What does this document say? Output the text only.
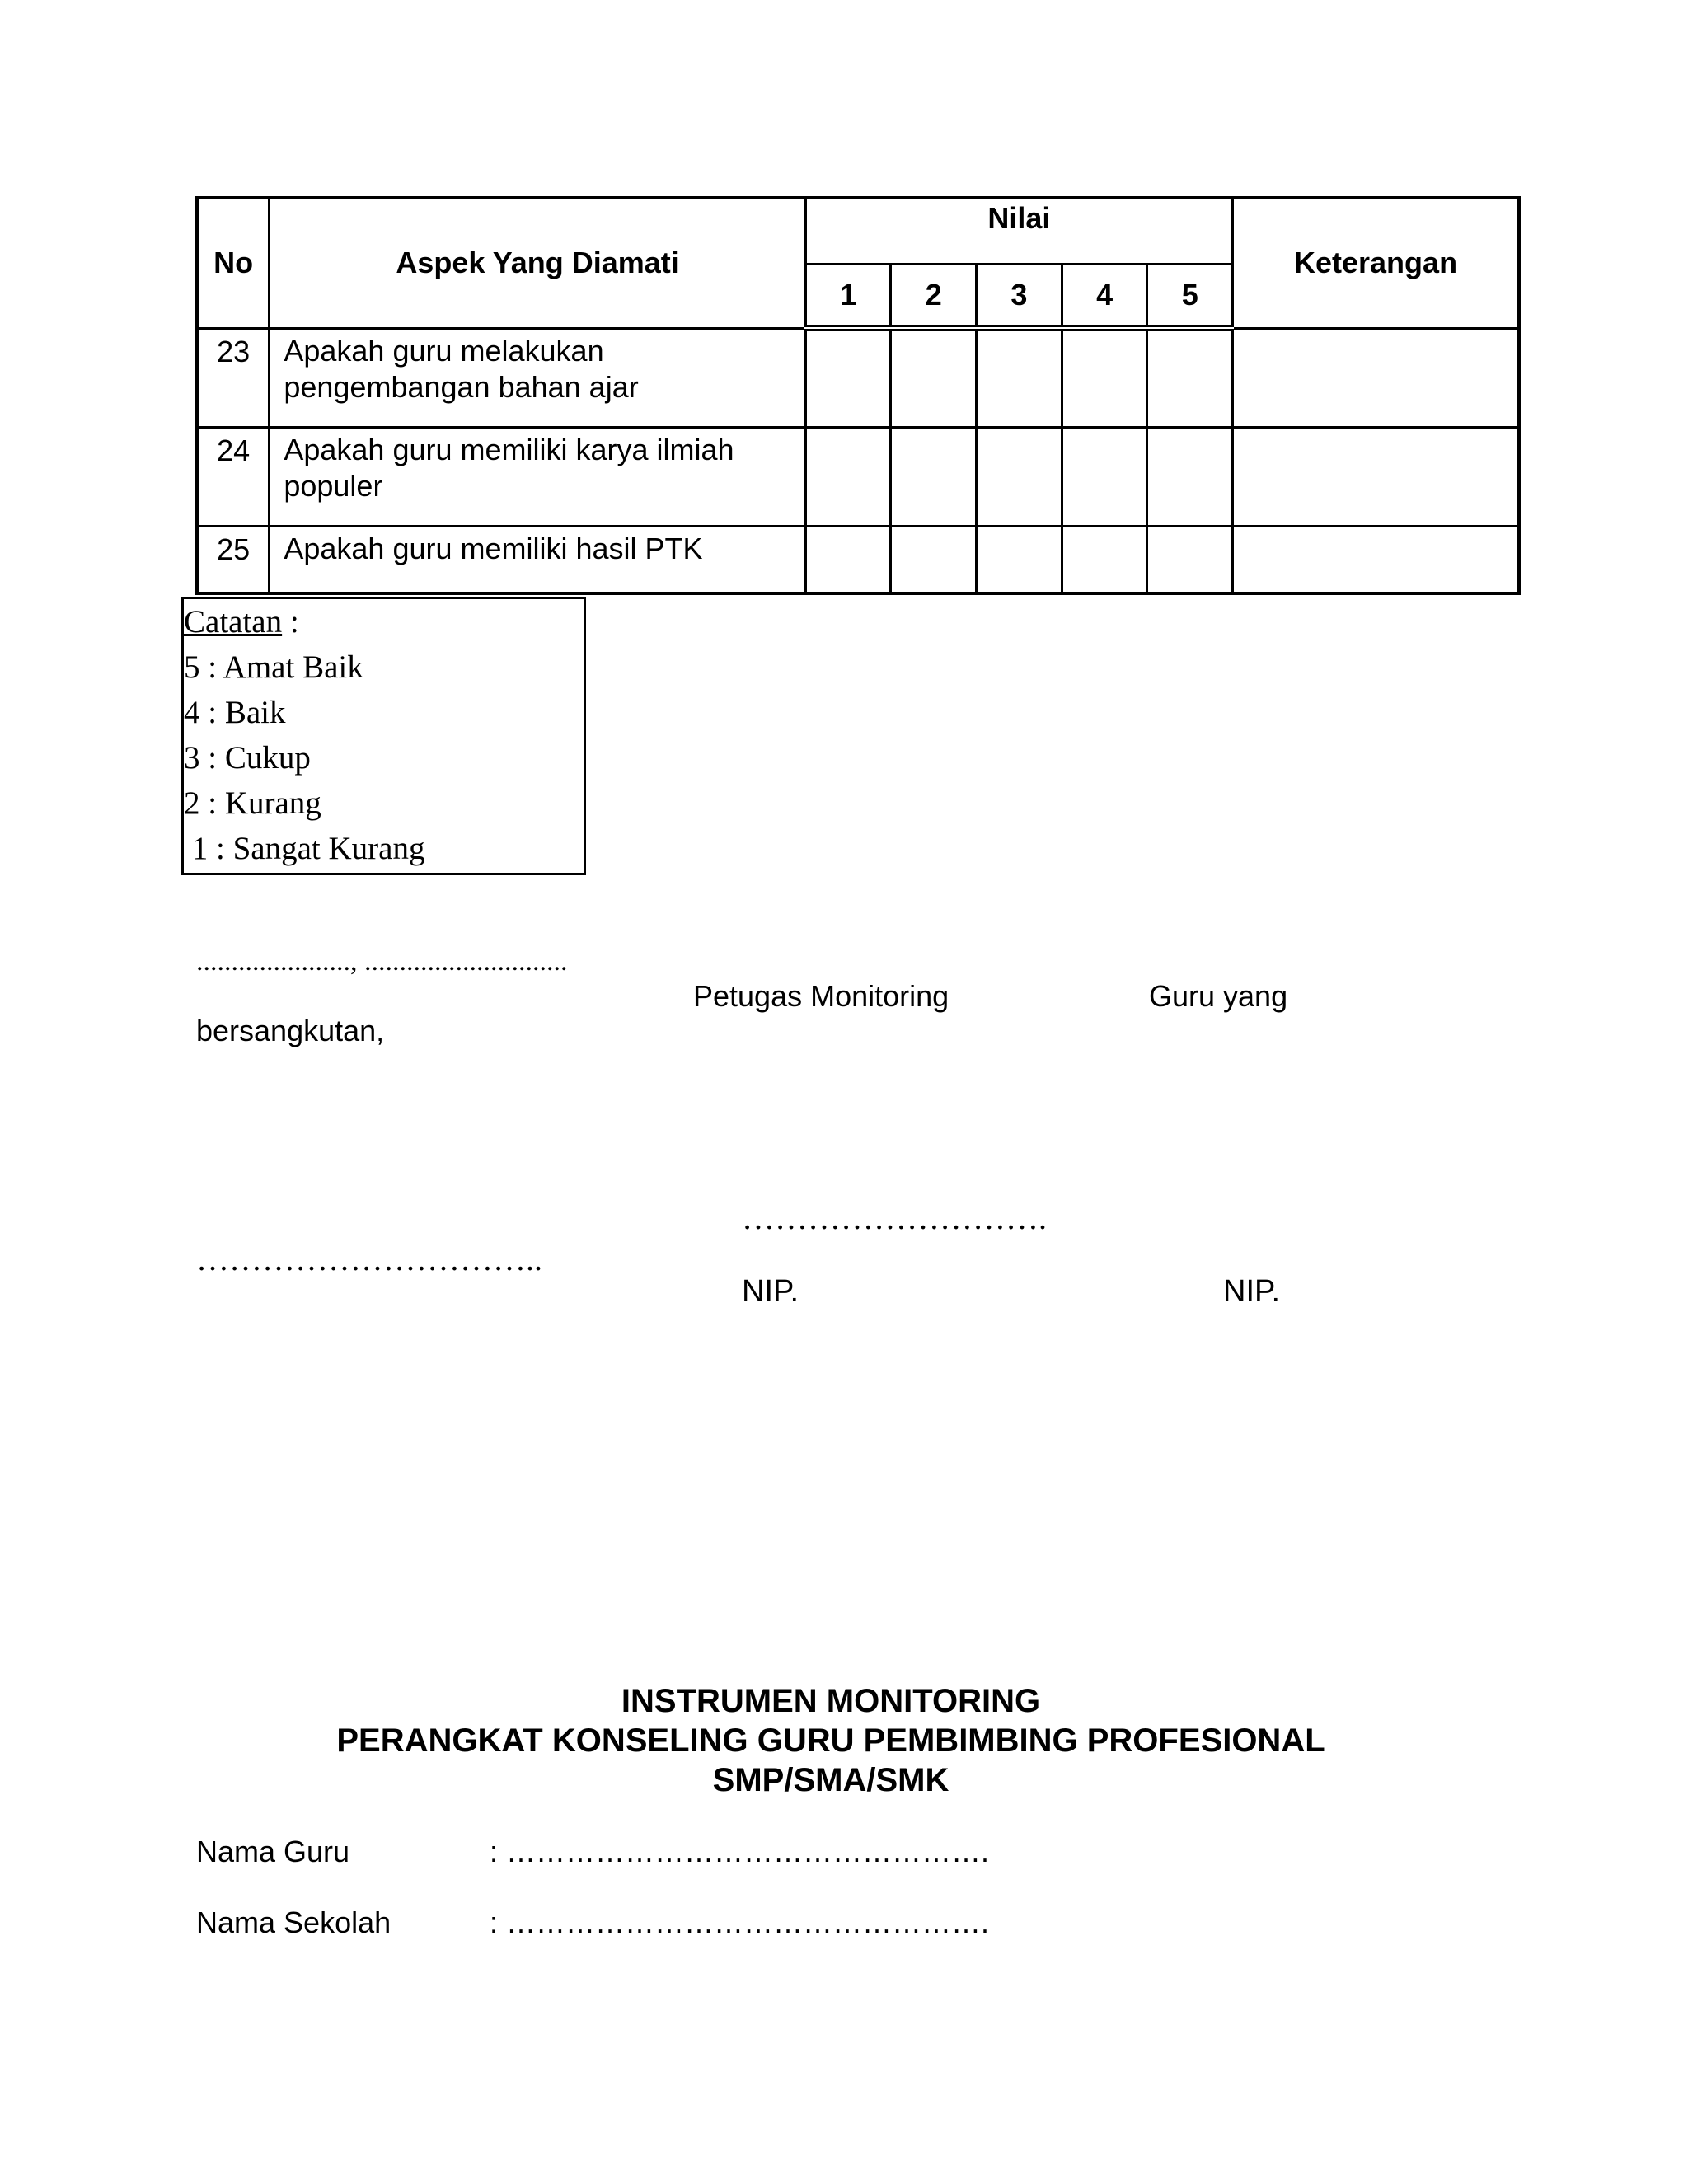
No	Aspek Yang Diamati	Nilai					Keterangan
		1	2	3	4	5	
23	Apakah guru melakukan
pengembangan bahan ajar						

24	Apakah guru memiliki karya ilmiah
populer						

25	Apakah guru memiliki hasil PTK						

Catatan :
5 : Amat Baik
4 : Baik
3 : Cukup
2 : Kurang
1 : Sangat Kurang
......................, .............................
Petugas Monitoring	Guru yang
bersangkutan,
……………………….
…………………………..
NIP.	NIP.
INSTRUMEN MONITORING
PERANGKAT KONSELING GURU PEMBIMBING PROFESIONAL
SMP/SMA/SMK
Nama Guru	: ………………………………………….
Nama Sekolah	: ………………………………………….
